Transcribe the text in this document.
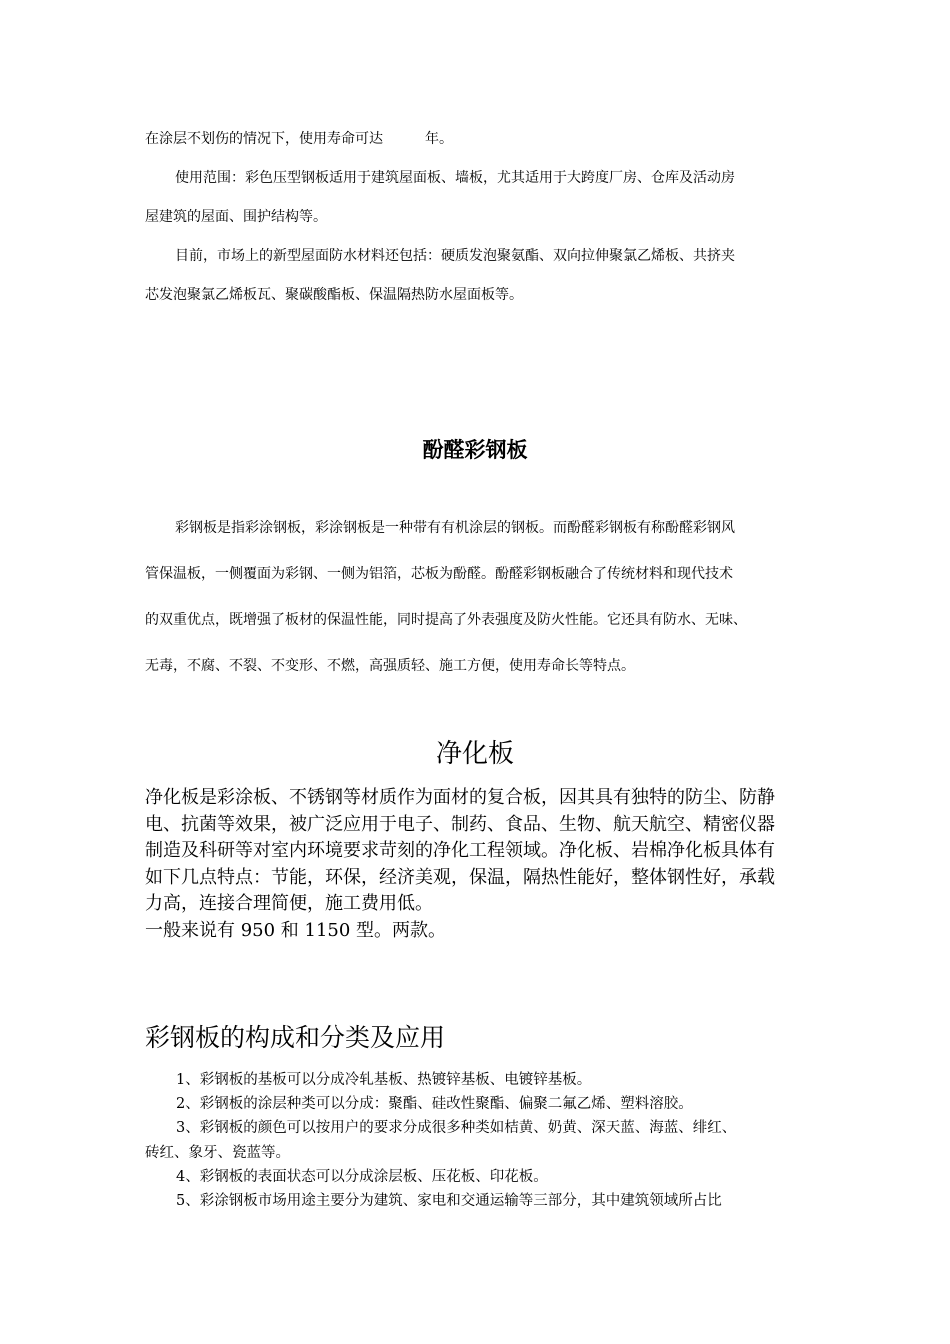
在涂层不划伤的情况下，使用寿命可达　　　年。
使用范围：彩色压型钢板适用于建筑屋面板、墙板，尤其适用于大跨度厂房、仓库及活动房
屋建筑的屋面、围护结构等。
目前，市场上的新型屋面防水材料还包括：硬质发泡聚氨酯、双向拉伸聚氯乙烯板、共挤夹
芯发泡聚氯乙烯板瓦、聚碳酸酯板、保温隔热防水屋面板等。
酚醛彩钢板
彩钢板是指彩涂钢板，彩涂钢板是一种带有有机涂层的钢板。而酚醛彩钢板有称酚醛彩钢风
管保温板，一侧覆面为彩钢、一侧为铝箔，芯板为酚醛。酚醛彩钢板融合了传统材料和现代技术
的双重优点，既增强了板材的保温性能，同时提高了外表强度及防火性能。它还具有防水、无味、
无毒，不腐、不裂、不变形、不燃，高强质轻、施工方便，使用寿命长等特点。
净化板
净化板是彩涂板、不锈钢等材质作为面材的复合板，因其具有独特的防尘、防静
电、抗菌等效果，被广泛应用于电子、制药、食品、生物、航天航空、精密仪器
制造及科研等对室内环境要求苛刻的净化工程领域。净化板、岩棉净化板具体有
如下几点特点：节能，环保，经济美观，保温，隔热性能好，整体钢性好，承载
力高，连接合理简便，施工费用低。
一般来说有 950 和 1150 型。两款。
彩钢板的构成和分类及应用
1、彩钢板的基板可以分成冷轧基板、热镀锌基板、电镀锌基板。
2、彩钢板的涂层种类可以分成：聚酯、硅改性聚酯、偏聚二氟乙烯、塑料溶胶。
3、彩钢板的颜色可以按用户的要求分成很多种类如桔黄、奶黄、深天蓝、海蓝、绯红、
砖红、象牙、瓷蓝等。
4、彩钢板的表面状态可以分成涂层板、压花板、印花板。
5、彩涂钢板市场用途主要分为建筑、家电和交通运输等三部分，其中建筑领域所占比
